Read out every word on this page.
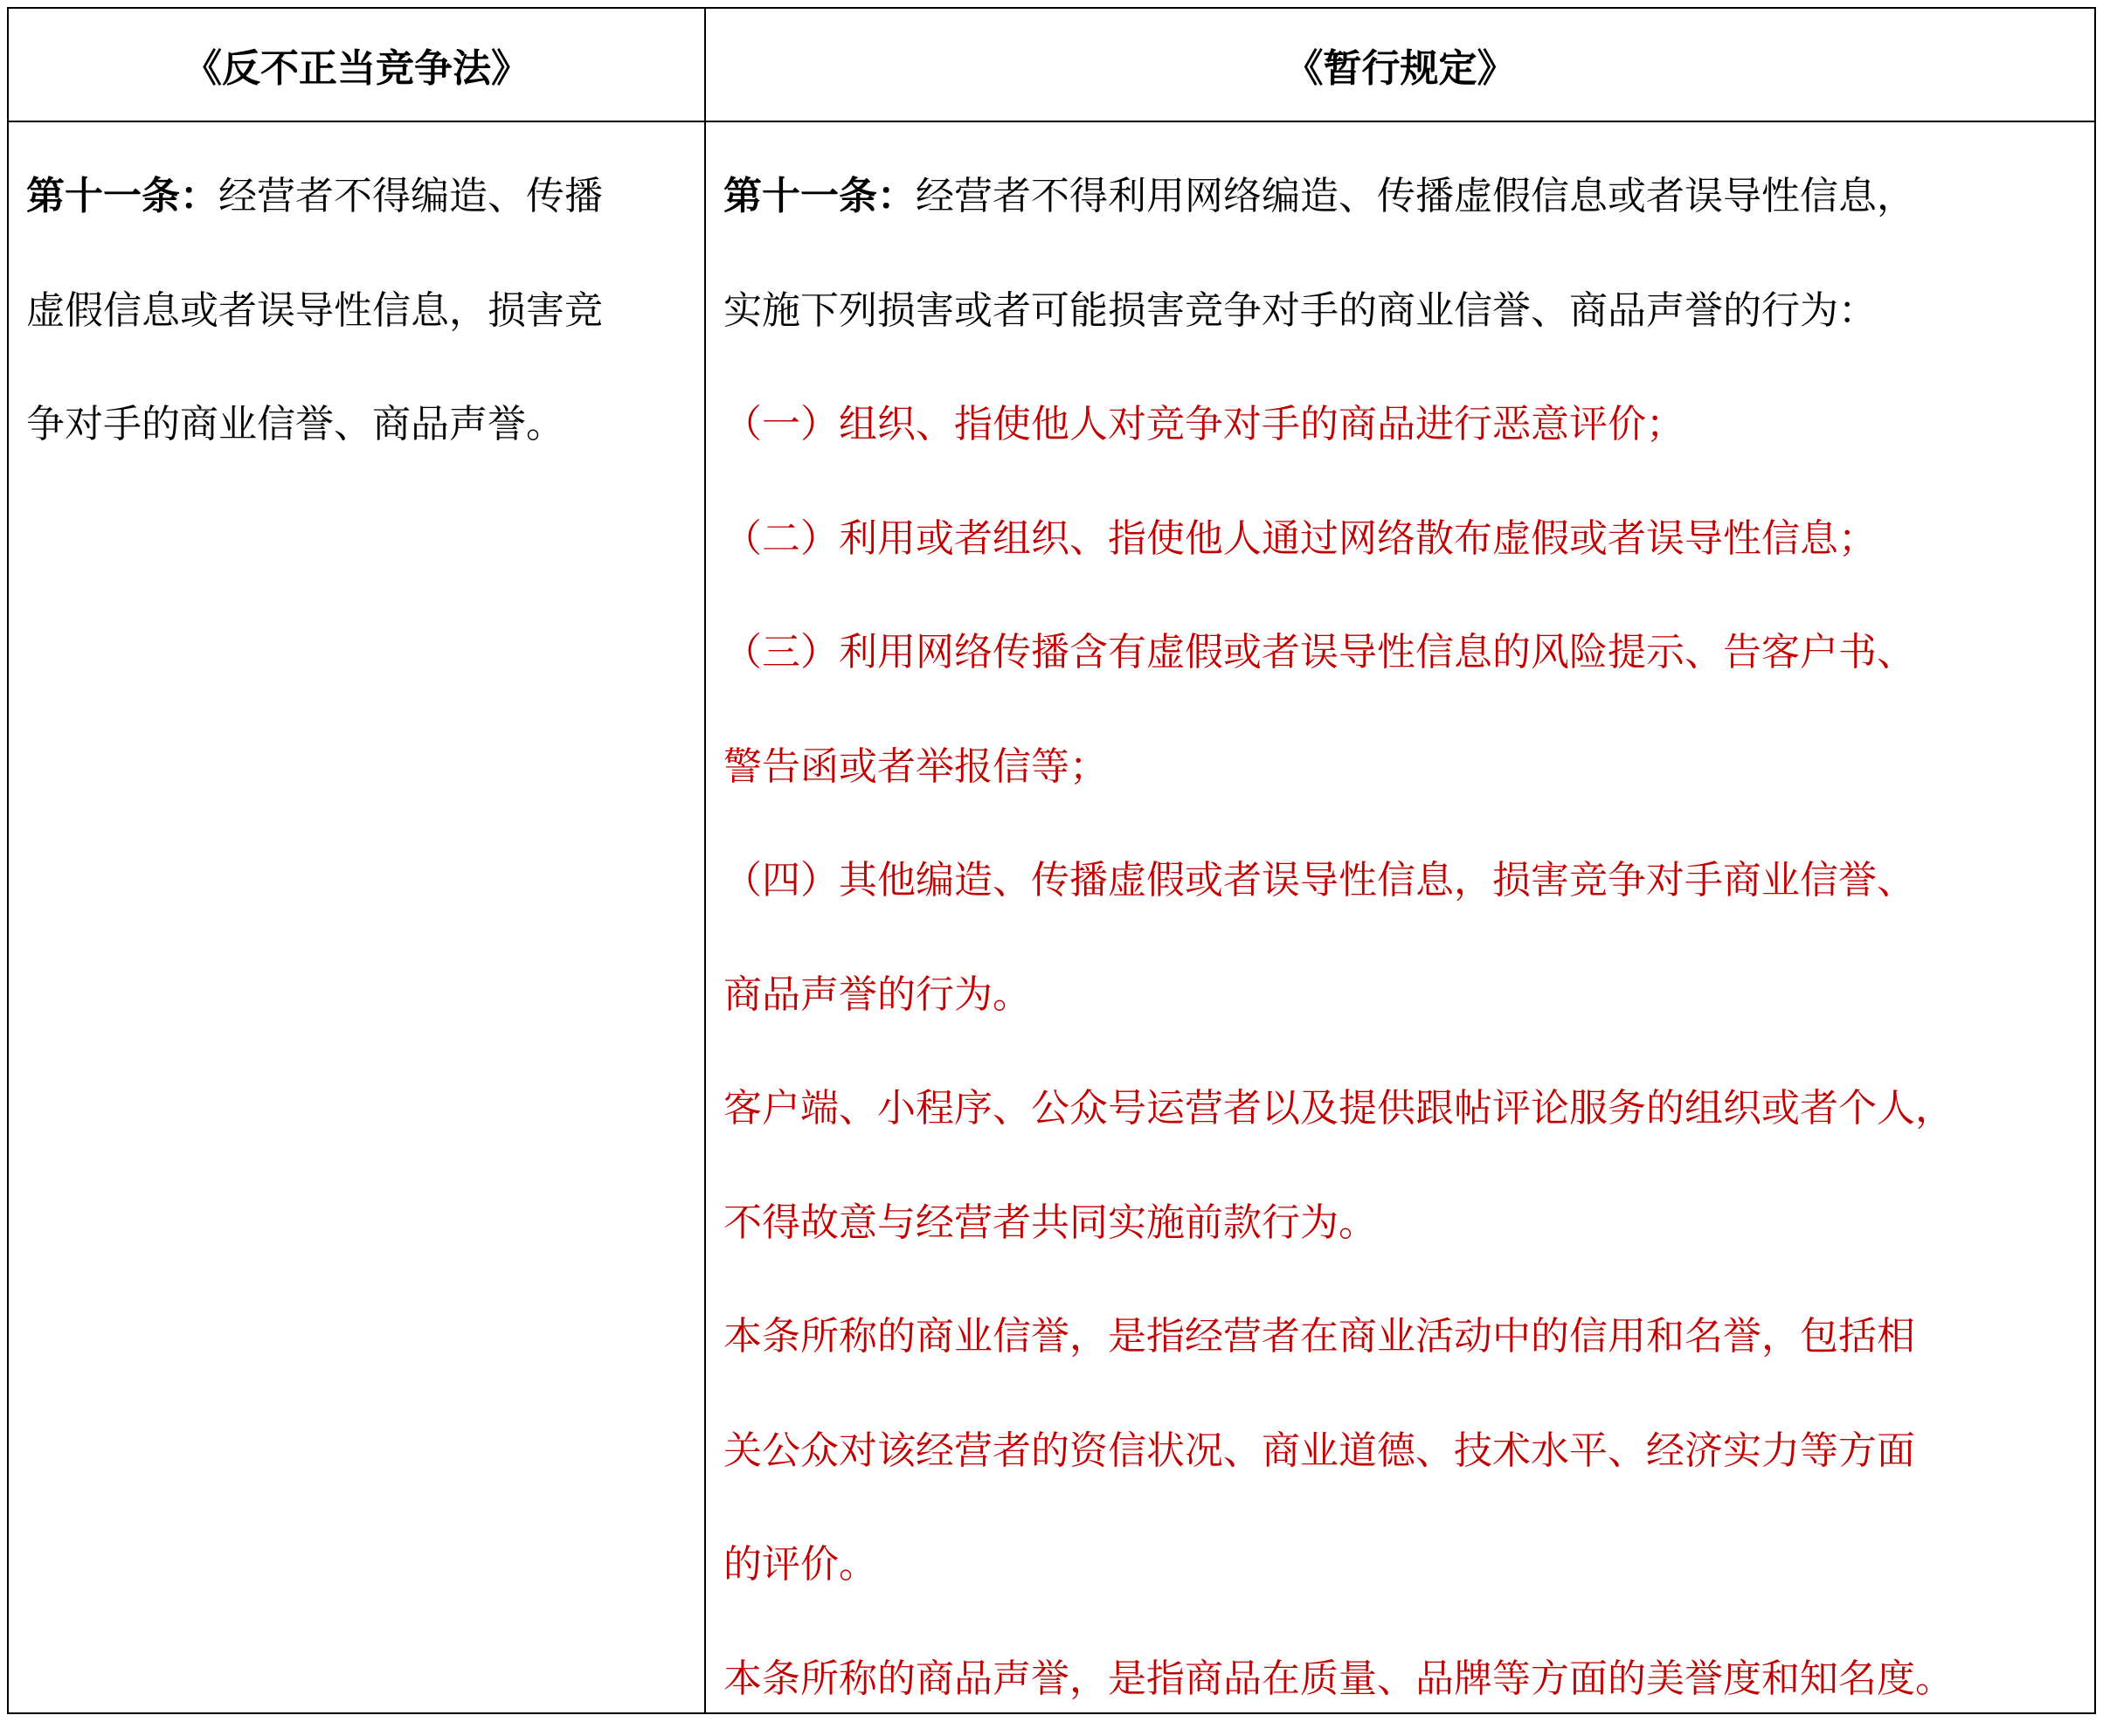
《反不正当竞争法》	《暂行规定》
第十一条：经营者不得编造、传播
虚假信息或者误导性信息，损害竞
争对手的商业信誉、商品声誉。
第十一条：经营者不得利用网络编造、传播虚假信息或者误导性信息，
实施下列损害或者可能损害竞争对手的商业信誉、商品声誉的行为：
（一）组织、指使他人对竞争对手的商品进行恶意评价；
（二）利用或者组织、指使他人通过网络散布虚假或者误导性信息；
（三）利用网络传播含有虚假或者误导性信息的风险提示、告客户书、
警告函或者举报信等；
（四）其他编造、传播虚假或者误导性信息，损害竞争对手商业信誉、
商品声誉的行为。
客户端、小程序、公众号运营者以及提供跟帖评论服务的组织或者个人，
不得故意与经营者共同实施前款行为。
本条所称的商业信誉，是指经营者在商业活动中的信用和名誉，包括相
关公众对该经营者的资信状况、商业道德、技术水平、经济实力等方面
的评价。
本条所称的商品声誉，是指商品在质量、品牌等方面的美誉度和知名度。
